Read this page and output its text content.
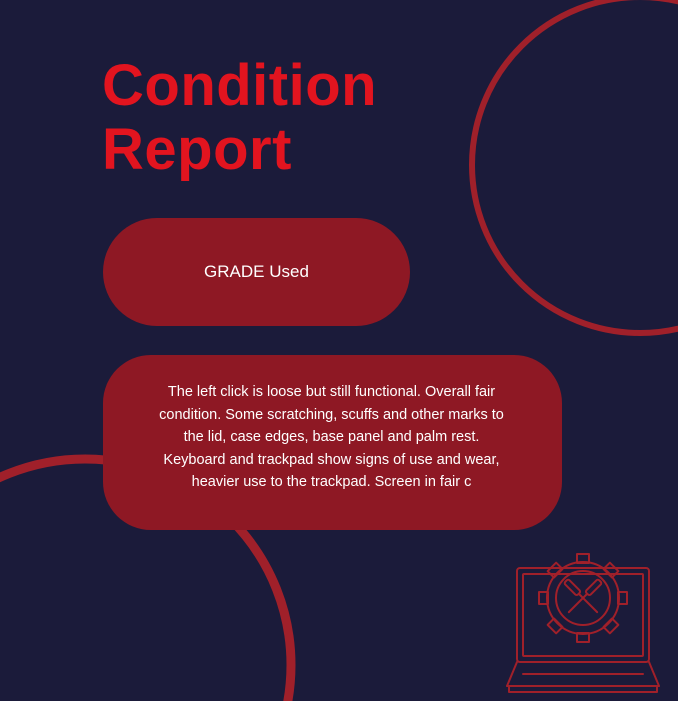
Condition
Report
GRADE
Used

The left click is loose but still functional. Overall fair condition. Some scratching, scuffs and other marks to the lid, case edges, base panel and palm rest. Keyboard and trackpad show signs of use and wear, heavier use to the trackpad. Screen in fair c
